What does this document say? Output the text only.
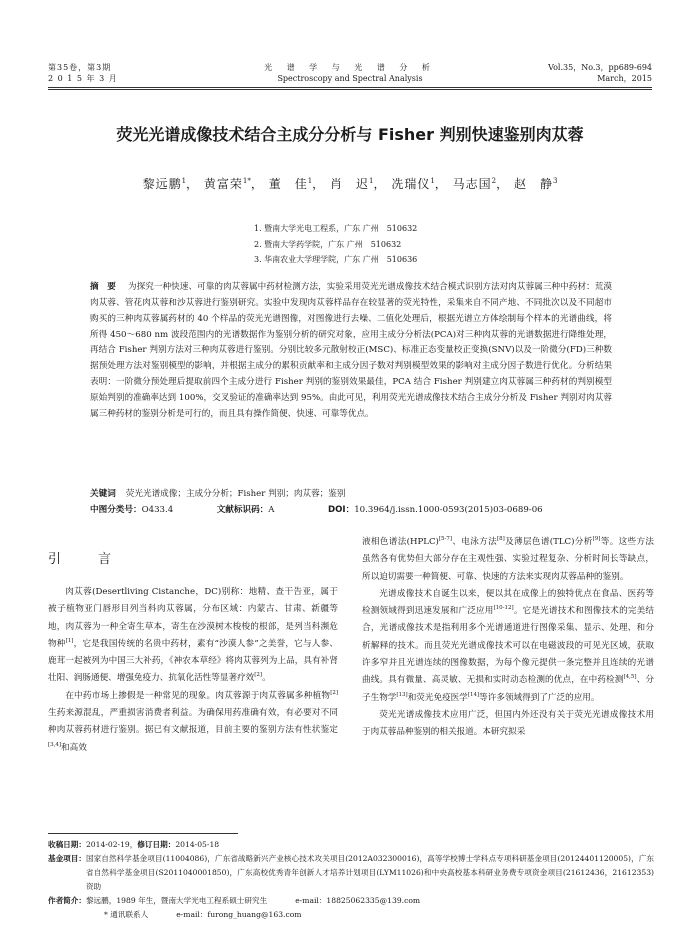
第35卷，第3期
2 0 1 5 年 3 月
光 谱 学 与 光 谱 分 析
Spectroscopy and Spectral Analysis
Vol.35，No.3，pp689-694
March，2015
荧光光谱成像技术结合主成分分析与 Fisher 判别快速鉴别肉苁蓉
黎远鹏$^1$， 黄富荣$^{1*}$， 董　佳$^1$， 肖　迟$^1$， 冼瑞仪$^1$， 马志国$^2$， 赵　静$^3$
1. 暨南大学光电工程系，广东 广州　510632
2. 暨南大学药学院，广东 广州　510632
3. 华南农业大学理学院，广东 广州　510636
摘　要 为探究一种快速、可靠的肉苁蓉属中药材检测方法，实验采用荧光光谱成像技术结合模式识别方法对肉苁蓉属三种中药材：荒漠肉苁蓉、管花肉苁蓉和沙苁蓉进行鉴别研究。实验中发现肉苁蓉样品存在较显著的荧光特性，采集来自不同产地、不同批次以及不同超市购买的三种肉苁蓉属药材的 40 个样品的荧光光谱图像，对图像进行去噪、二值化处理后，根据光谱立方体绘制每个样本的光谱曲线，将所得 450～680 nm 波段范围内的光谱数据作为鉴别分析的研究对象，应用主成分分析法(PCA)对三种肉苁蓉的光谱数据进行降维处理，再结合 Fisher 判别方法对三种肉苁蓉进行鉴别。分别比较多元散射校正(MSC)、标准正态变量校正变换(SNV)以及一阶微分(FD)三种数据预处理方法对鉴别模型的影响，并根据主成分的累积贡献率和主成分因子数对判别模型效果的影响对主成分因子数进行优化。分析结果表明：一阶微分预处理后提取前四个主成分进行 Fisher 判别的鉴别效果最佳，PCA 结合 Fisher 判别建立肉苁蓉属三种药材的判别模型原始判别的准确率达到 100%，交叉验证的准确率达到 95%。由此可见，利用荧光光谱成像技术结合主成分分析及 Fisher 判别对肉苁蓉属三种药材的鉴别分析是可行的，而且具有操作简便、快速、可靠等优点。
关键词 荧光光谱成像；主成分分析；Fisher 判别；肉苁蓉；鉴别
中图分类号：O433.4	文献标识码：A	DOI：10.3964/j.issn.1000-0593(2015)03-0689-06
引　言

肉苁蓉(Desertliving Cistanche，DC)别称：地精、查干告亚，属于被子植物亚门唇形目列当科肉苁蓉属，分布区域：内蒙古、甘肃、新疆等地，肉苁蓉为一种全寄生草本，寄生在沙漠树木梭梭的根部，是列当科濒危物种[1]，它是我国传统的名贵中药材，素有“沙漠人参”之美誉，它与人参、鹿茸一起被列为中国三大补药，《神农本草经》将肉苁蓉列为上品，具有补肾壮阳、润肠通便、增强免疫力、抗氧化活性等显著疗效[2]。

在中药市场上掺假是一种常见的现象。肉苁蓉源于肉苁蓉属多种植物[2]生药来源混乱，严重损害消费者利益。为确保用药准确有效，有必要对不同种肉苁蓉药材进行鉴别。据已有文献报道，目前主要的鉴别方法有性状鉴定[3,4]和高效

液相色谱法(HPLC)[5-7]、电泳方法[8]及薄层色谱(TLC)分析[9]等。这些方法虽然各有优势但大部分存在主观性强、实验过程复杂、分析时间长等缺点，所以迫切需要一种简便、可靠、快速的方法来实现肉苁蓉品种的鉴别。

光谱成像技术自诞生以来，便以其在成像上的独特优点在食品、医药等检测领域得到迅速发展和广泛应用[10-12]。它是光谱技术和图像技术的完美结合，光谱成像技术是指利用多个光谱通道进行图像采集、显示、处理、和分析解释的技术。而且荧光光谱成像技术可以在电磁波段的可见光区域，获取许多窄并且光谱连续的图像数据，为每个像元提供一条完整并且连续的光谱曲线。具有微量、高灵敏、无损和实时动态检测的优点，在中药检测[4,5]、分子生物学[13]和荧光免疫医学[14]等许多领域得到了广泛的应用。

荧光光谱成像技术应用广泛，但国内外还没有关于荧光光谱成像技术用于肉苁蓉品种鉴别的相关报道。本研究拟采

收稿日期： 2014-02-19， 修订日期： 2014-05-18
基金项目： 国家自然科学基金项目(11004086)，广东省战略新兴产业核心技术攻关项目(2012A032300016)，高等学校博士学科点专项科研基金项目(20124401120005)，广东省自然科学基金项目(S2011040001850)，广东高校优秀青年创新人才培养计划项目(LYM11026)和中央高校基本科研业务费专项资金项目(21612436，21612353)资助
作者简介： 黎远鹏，1989 年生，暨南大学光电工程系硕士研究生	e-mail：18825062335@139.com
* 通讯联系人	e-mail：furong_huang@163.com
